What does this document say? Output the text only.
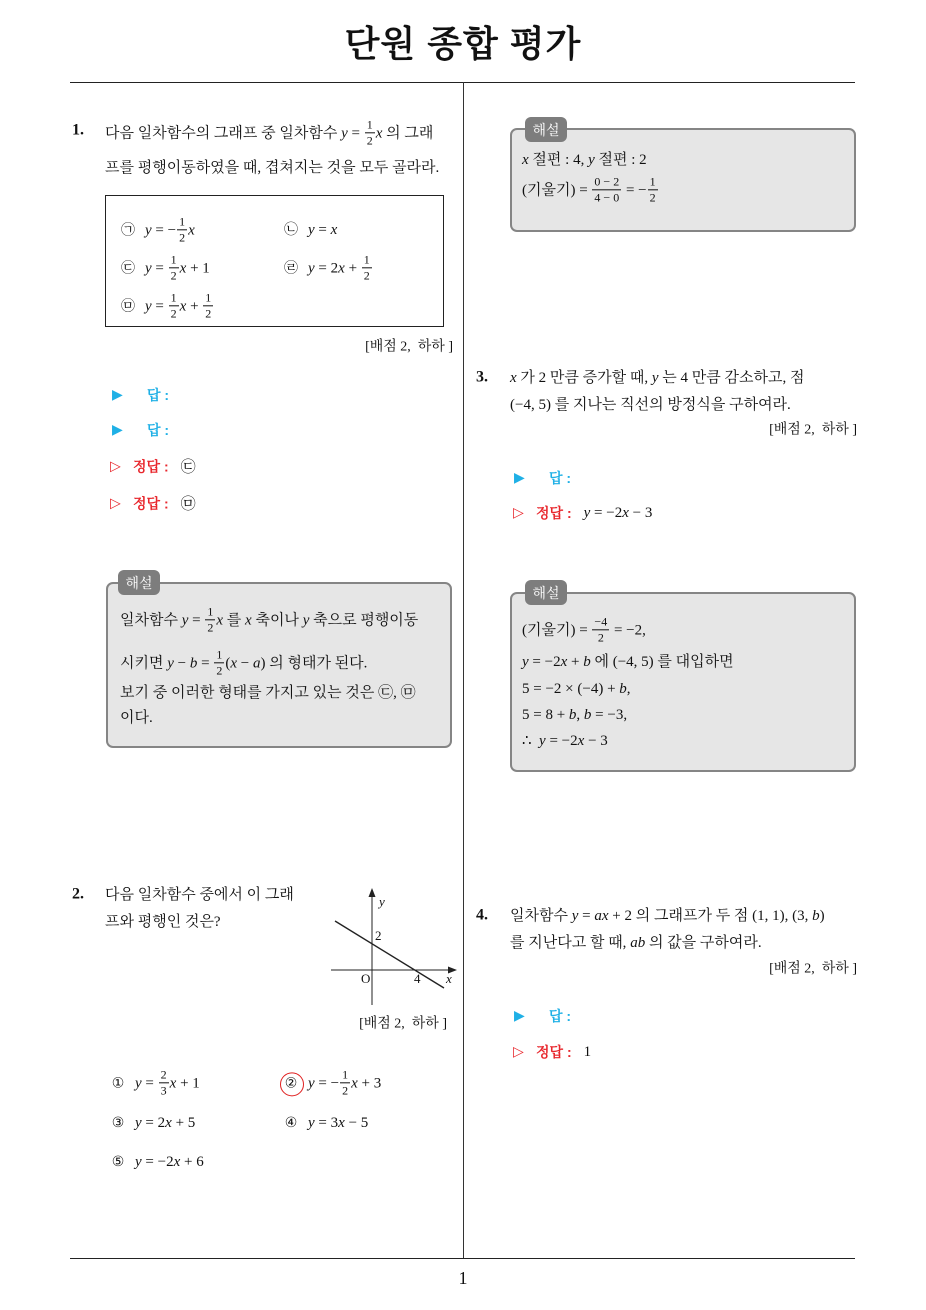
단원 종합 평가
1
1. 다음 일차함수의 그래프 중 일차함수 $y = \frac{1}{2}$ x 의 그래
프를 평행이동하였을 때, 겹쳐지는 것을 모두 골라라.
㉠ y = − $\frac{1}{2}$ x	㉡ y = x
㉢ $y = \frac{1}{2}$ x + 1	㉣ y = 2 $x + \frac{1}{2}$
㉤ $y = \frac{1}{2}$ $x + \frac{1}{2}$
[배점 2,  하하 ]
▶ 답 :
▶ 답 :
▷ 정답 : ㉢
▷ 정답 : ㉤
해설
일차함수 $y = \frac{1}{2}$ x 를 x 축이나 y 축으로 평행이동
시키면 $y - b = \frac{1}{2}$ ( x − a ) 의 형태가 된다.
보기 중 이러한 형태를 가지고 있는 것은 ㉢, ㉤
이다.
2. 다음 일차함수 중에서 이 그래
프와 평행인 것은?
y
2
O	4 x
[배점 2,  하하 ]
① $y = \frac{2}{3}$ x + 1	② y = − $\frac{1}{2}$ x + 3
③ y = 2 x + 5	④ y = 3 x − 5
⑤ y = −2 x + 6
해설
x 절편 : 4, y 절편 : 2
(기울기) = $\frac{0 - 2}{4 - 0}$ = − $\frac{1}{2}$
3. x 가 2 만큼 증가할 때, y 는 4 만큼 감소하고, 점
(−4, 5) 를 지나는 직선의 방정식을 구하여라.
[배점 2,  하하 ]
▶ 답 :
▷ 정답 : y = −2 x − 3
해설
(기울기) = $\frac{-4}{2} = -2$,
y = −2 x + b 에 (−4, 5) 를 대입하면
5 = −2 × (−4) + b ,
5 = 8 + b , b = −3,
∴ y = −2 x − 3
4. 일차함수 y = ax + 2 의 그래프가 두 점 (1, 1), (3, b )
를 지난다고 할 때, ab 의 값을 구하여라.
[배점 2,  하하 ]
▶ 답 :
▷ 정답 : 1
